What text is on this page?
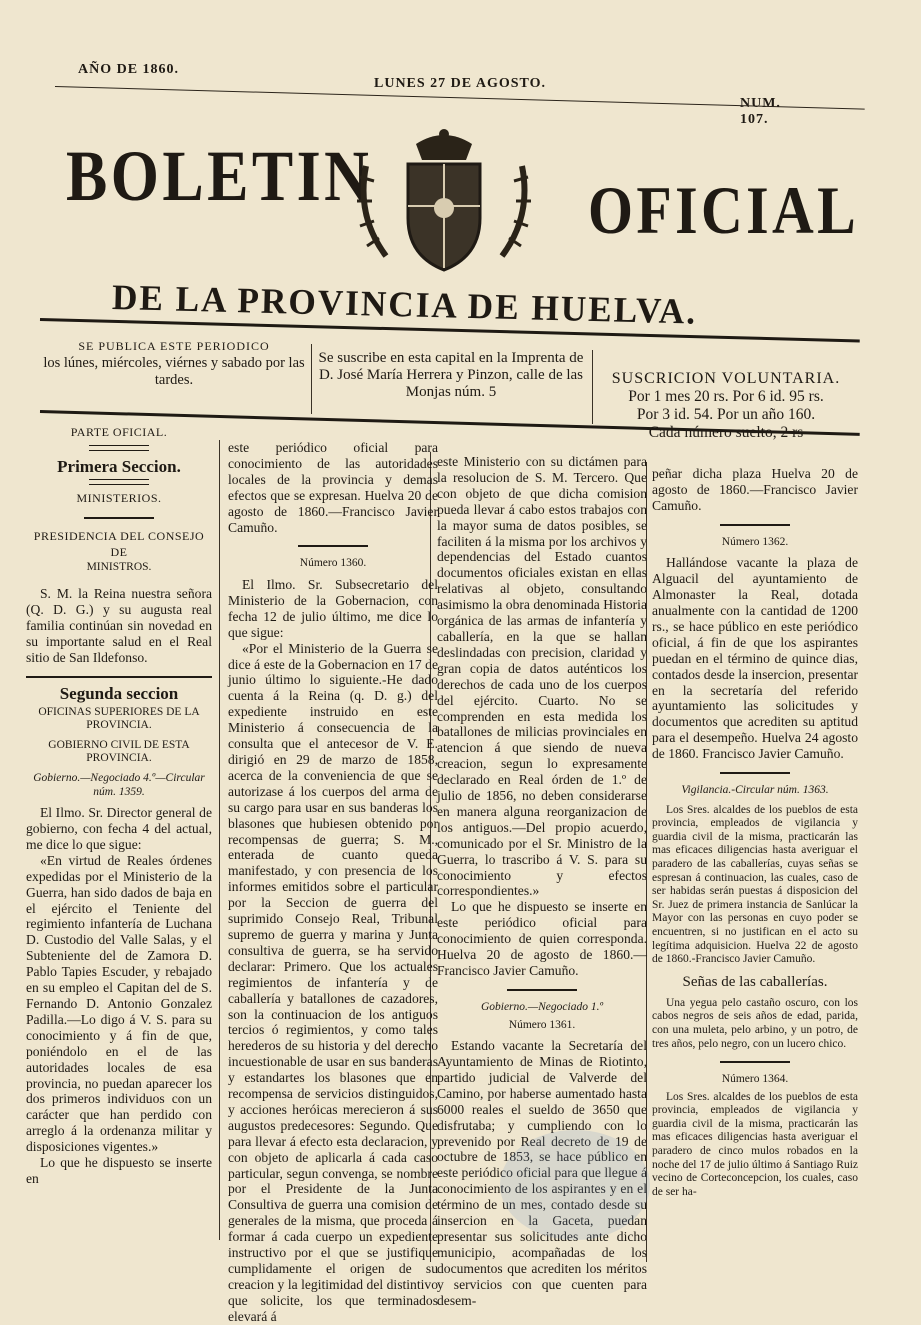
AÑO DE 1860.
LUNES 27 DE AGOSTO.
NUM. 107.
BOLETIN	OFICIAL
DE LA PROVINCIA DE HUELVA.
SE PUBLICA ESTE PERIODICO
los lúnes, miércoles, viérnes y sabado por las tardes.
Se suscribe en esta capital en la Imprenta de D. José María Herrera y Pinzon, calle de las Monjas núm. 5
SUSCRICION VOLUNTARIA.
Por 1 mes 20 rs. Por 6 id. 95 rs.
Por 3 id. 54. Por un año 160.
Cada número suelto, 2 rs

PARTE OFICIAL.

Primera Seccion.

MINISTERIOS.

PRESIDENCIA DEL CONSEJO DE

MINISTROS.

S. M. la Reina nuestra señora (Q. D. G.) y su augusta real familia continúan sin novedad en su importante salud en el Real sitio de San Ildefonso.

Segunda seccion

OFICINAS SUPERIORES DE LA

PROVINCIA.

GOBIERNO CIVIL DE ESTA PROVINCIA.

Gobierno.—Negociado 4.º—Circular núm. 1359.

El Ilmo. Sr. Director general de gobierno, con fecha 4 del actual, me dice lo que sigue:

«En virtud de Reales órdenes expedidas por el Ministerio de la Guerra, han sido dados de baja en el ejército el Teniente del regimiento infantería de Luchana D. Custodio del Valle Salas, y el Subteniente del de Zamora D. Pablo Tapies Escuder, y rebajado en su empleo el Capitan del de S. Fernando D. Antonio Gonzalez Padilla.—Lo digo á V. S. para su conocimiento y á fin de que, poniéndolo en el de las autoridades locales de esa provincia, no puedan aparecer los dos primeros individuos con un carácter que han perdido con arreglo á la ordenanza militar y disposiciones vigentes.»

Lo que he dispuesto se inserte en

este periódico oficial para conocimiento de las autoridades locales de la provincia y demas efectos que se expresan. Huelva 20 de agosto de 1860.—Francisco Javier Camuño.

Número 1360.

El Ilmo. Sr. Subsecretario del Ministerio de la Gobernacion, con fecha 12 de julio último, me dice lo que sigue:

«Por el Ministerio de la Guerra se dice á este de la Gobernacion en 17 de junio último lo siguiente.-He dado cuenta á la Reina (q. D. g.) del expediente instruido en este Ministerio á consecuencia de la consulta que el antecesor de V. E. dirigió en 29 de marzo de 1858, acerca de la conveniencia de que se autorizase á los cuerpos del arma de su cargo para usar en sus banderas los blasones que hubiesen obtenido por recompensas de guerra; S. M., enterada de cuanto queda manifestado, y con presencia de los informes emitidos sobre el particular por la Seccion de guerra del suprimido Consejo Real, Tribunal supremo de guerra y marina y Junta consultiva de guerra, se ha servido declarar: Primero. Que los actuales regimientos de infantería y de caballería y batallones de cazadores, son la continuacion de los antiguos tercios ó regimientos, y como tales herederos de su historia y del derecho incuestionable de usar en sus banderas y estandartes los blasones que en recompensa de servicios distinguidos, y acciones heróicas merecieron á sus augustos predecesores: Segundo. Que para llevar á efecto esta declaracion, y con objeto de aplicarla á cada caso particular, segun convenga, se nombre por el Presidente de la Junta Consultiva de guerra una comision de generales de la misma, que proceda á formar á cada cuerpo un expediente instructivo por el que se justifique cumplidamente el origen de su creacion y la legitimidad del distintivo que solicite, los que terminados elevará á

este Ministerio con su dictámen para la resolucion de S. M. Tercero. Que con objeto de que dicha comision pueda llevar á cabo estos trabajos con la mayor suma de datos posibles, se faciliten á la misma por los archivos y dependencias del Estado cuantos documentos oficiales existan en ellas relativas al objeto, consultando asimismo la obra denominada Historia orgánica de las armas de infantería y caballería, en la que se hallan deslindadas con precision, claridad y gran copia de datos auténticos los derechos de cada uno de los cuerpos del ejército. Cuarto. No se comprenden en esta medida los batallones de milicias provinciales en atencion á que siendo de nueva creacion, segun lo expresamente declarado en Real órden de 1.º de julio de 1856, no deben considerarse en manera alguna reorganizacion de los antiguos.—Del propio acuerdo, comunicado por el Sr. Ministro de la Guerra, lo trascribo á V. S. para su conocimiento y efectos correspondientes.»

Lo que he dispuesto se inserte en este periódico oficial para conocimiento de quien corresponda. Huelva 20 de agosto de 1860.—Francisco Javier Camuño.

Gobierno.—Negociado 1.º

Número 1361.

Estando vacante la Secretaría del Ayuntamiento de Minas de Riotinto, partido judicial de Valverde del Camino, por haberse aumentado hasta 6000 reales el sueldo de 3650 que disfrutaba; y cumpliendo con lo prevenido por Real decreto de 19 de octubre de 1853, se hace público en este periódico oficial para que llegue á conocimiento de los aspirantes y en el término de un mes, contado desde su insercion en la Gaceta, puedan presentar sus solicitudes ante dicho municipio, acompañadas de los documentos que acrediten los méritos y servicios con que cuenten para desem-

peñar dicha plaza Huelva 20 de agosto de 1860.—Francisco Javier Camuño.

Número 1362.

Hallándose vacante la plaza de Alguacil del ayuntamiento de Almonaster la Real, dotada anualmente con la cantidad de 1200 rs., se hace público en este periódico oficial, á fin de que los aspirantes puedan en el término de quince dias, contados desde la insercion, presentar en la secretaría del referido ayuntamiento las solicitudes y documentos que acrediten su aptitud para el desempeño. Huelva 24 agosto de 1860. Francisco Javier Camuño.

Vigilancia.-Circular núm. 1363.

Los Sres. alcaldes de los pueblos de esta provincia, empleados de vigilancia y guardia civil de la misma, practicarán las mas eficaces diligencias hasta averiguar el paradero de las caballerías, cuyas señas se espresan á continuacion, las cuales, caso de ser habidas serán puestas á disposicion del Sr. Juez de primera instancia de Sanlúcar la Mayor con las personas en cuyo poder se encuentren, si no justifican en el acto su legítima adquisicion. Huelva 22 de agosto de 1860.-Francisco Javier Camuño.

Señas de las caballerías.

Una yegua pelo castaño oscuro, con los cabos negros de seis años de edad, parida, con una muleta, pelo arbino, y un potro, de tres años, pelo negro, con un lucero chico.

Número 1364.

Los Sres. alcaldes de los pueblos de esta provincia, empleados de vigilancia y guardia civil de la misma, practicarán las mas eficaces diligencias hasta averiguar el paradero de cinco mulos robados en la noche del 17 de julio último á Santiago Ruiz vecino de Corteconcepcion, los cuales, caso de ser ha-
